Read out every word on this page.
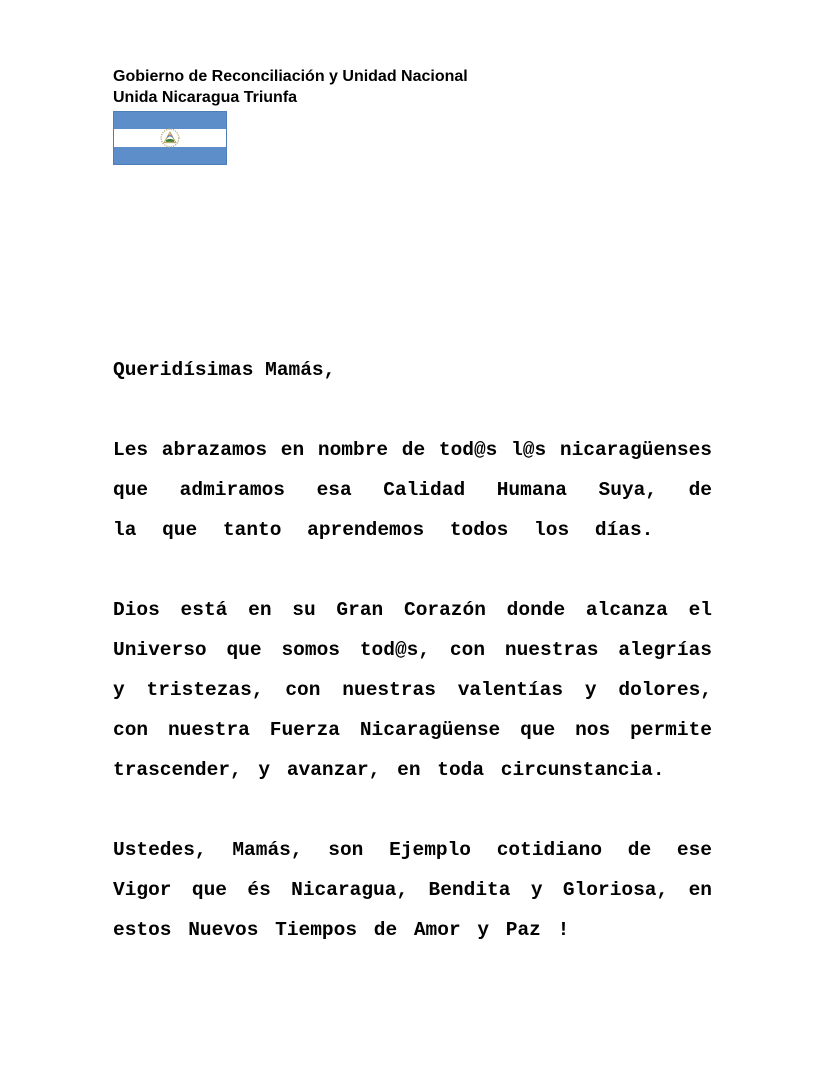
Gobierno de Reconciliación y Unidad Nacional
Unida Nicaragua Triunfa
Queridísimas Mamás,
Les abrazamos en nombre de tod@s l@s nicaragüenses
que admiramos esa Calidad Humana Suya, de
la que tanto aprendemos todos los días.
Dios está en su Gran Corazón donde alcanza el
Universo que somos tod@s, con nuestras alegrías
y tristezas, con nuestras valentías y dolores,
con nuestra Fuerza Nicaragüense que nos permite
trascender, y avanzar, en toda circunstancia.
Ustedes, Mamás, son Ejemplo cotidiano de ese
Vigor que és Nicaragua, Bendita y Gloriosa, en
estos Nuevos Tiempos de Amor y Paz !
